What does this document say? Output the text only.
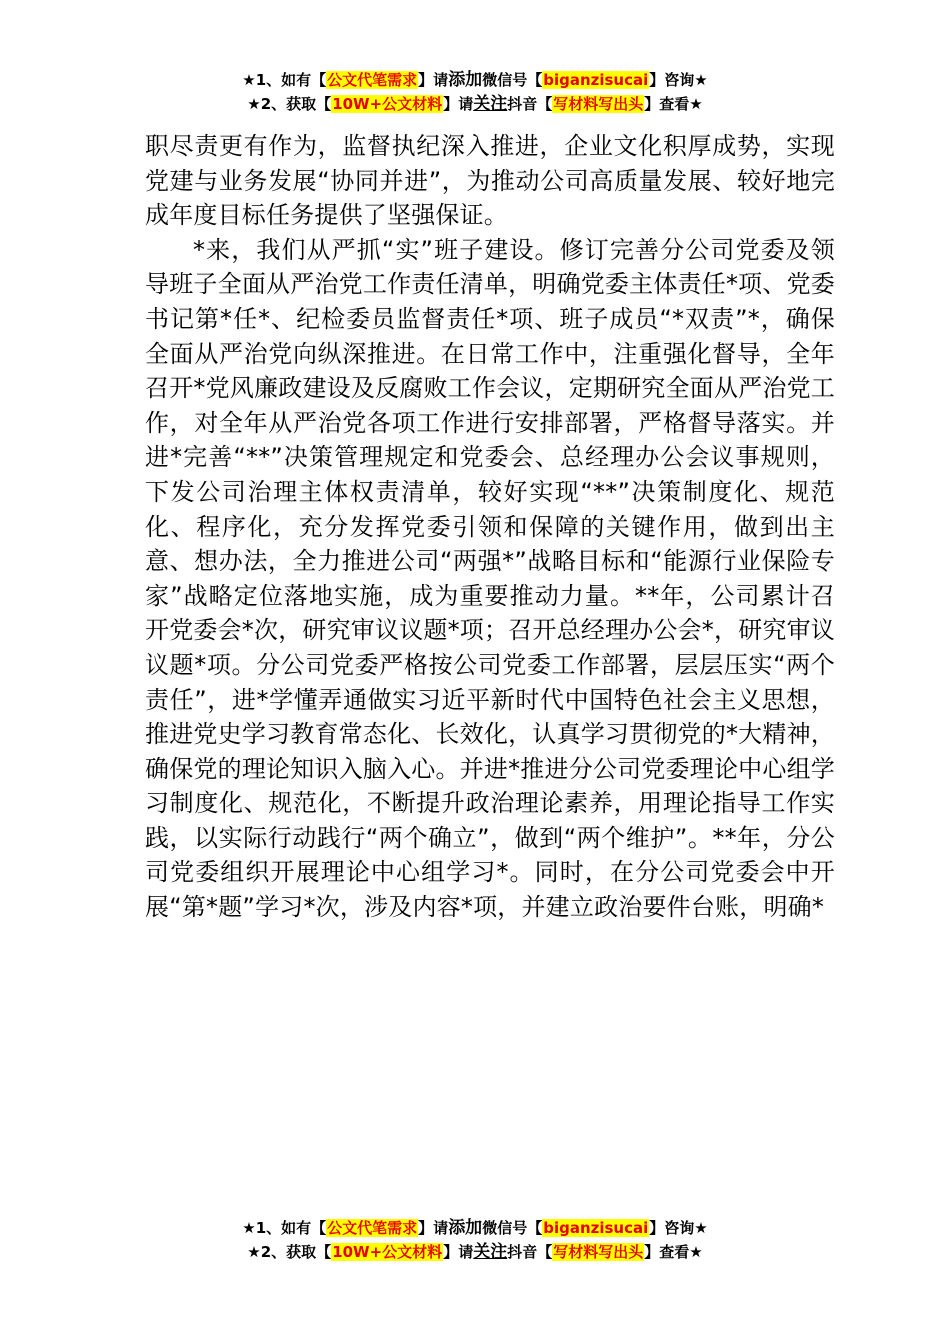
★1、如有【公文代笔需求】请添加微信号【biganzisucai】咨询★
★2、获取【10W+公文材料】请关注抖音【写材料写出头】查看★

职尽责更有作为，监督执纪深入推进，企业文化积厚成势，实现党建与业务发展“协同并进”，为推动公司高质量发展、较好地完成年度目标任务提供了坚强保证。

*来，我们从严抓“实”班子建设。修订完善分公司党委及领导班子全面从严治党工作责任清单，明确党委主体责任*项、党委书记第*任*、纪检委员监督责任*项、班子成员“*双责”*，确保全面从严治党向纵深推进。在日常工作中，注重强化督导，全年召开*党风廉政建设及反腐败工作会议，定期研究全面从严治党工作，对全年从严治党各项工作进行安排部署，严格督导落实。并进*完善“**”决策管理规定和党委会、总经理办公会议事规则，下发公司治理主体权责清单，较好实现“**”决策制度化、规范化、程序化，充分发挥党委引领和保障的关键作用，做到出主意、想办法，全力推进公司“两强*”战略目标和“能源行业保险专家”战略定位落地实施，成为重要推动力量。**年，公司累计召开党委会*次，研究审议议题*项；召开总经理办公会*，研究审议议题*项。分公司党委严格按公司党委工作部署，层层压实“两个责任”，进*学懂弄通做实习近平新时代中国特色社会主义思想，推进党史学习教育常态化、长效化，认真学习贯彻党的*大精神，确保党的理论知识入脑入心。并进*推进分公司党委理论中心组学习制度化、规范化，不断提升政治理论素养，用理论指导工作实践，以实际行动践行“两个确立”，做到“两个维护”。**年，分公司党委组织开展理论中心组学习*。同时，在分公司党委会中开展“第*题”学习*次，涉及内容*项，并建立政治要件台账，明确*

★1、如有【公文代笔需求】请添加微信号【biganzisucai】咨询★
★2、获取【10W+公文材料】请关注抖音【写材料写出头】查看★
